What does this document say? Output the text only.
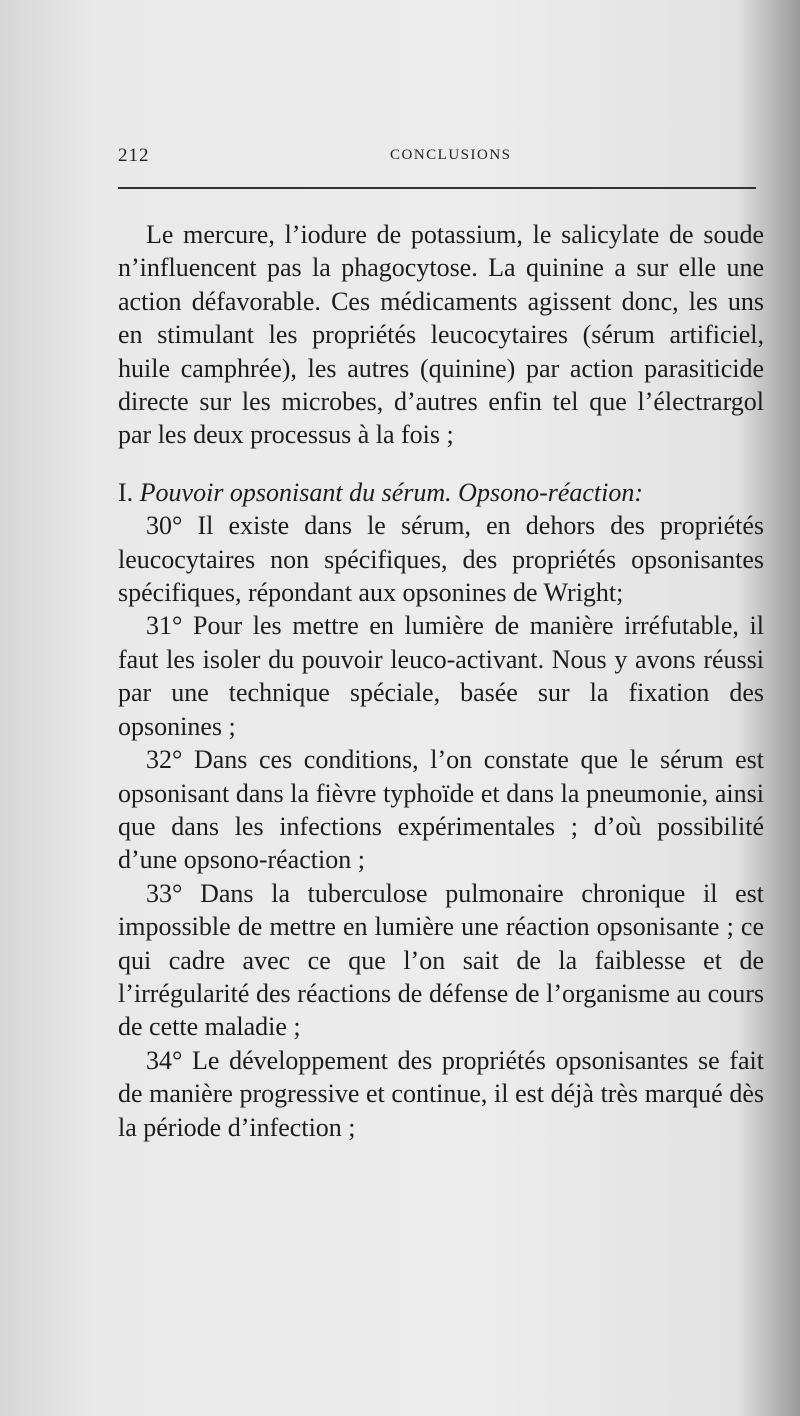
212	CONCLUSIONS

Le mercure, l’iodure de potassium, le salicylate de soude n’influencent pas la phagocytose. La quinine a sur elle une action défavorable. Ces médicaments agissent donc, les uns en stimulant les propriétés leucocytaires (sérum artificiel, huile camphrée), les autres (quinine) par action parasiticide directe sur les microbes, d’autres enfin tel que l’électrargol par les deux processus à la fois ;

I. Pouvoir opsonisant du sérum. Opsono-réaction:

30° Il existe dans le sérum, en dehors des propriétés leucocytaires non spécifiques, des propriétés opsonisantes spécifiques, répondant aux opsonines de Wright;

31° Pour les mettre en lumière de manière irréfutable, il faut les isoler du pouvoir leuco-activant. Nous y avons réussi par une technique spéciale, basée sur la fixation des opsonines ;

32° Dans ces conditions, l’on constate que le sérum est opsonisant dans la fièvre typhoïde et dans la pneumonie, ainsi que dans les infections expérimentales ; d’où possibilité d’une opsono-réaction ;

33° Dans la tuberculose pulmonaire chronique il est impossible de mettre en lumière une réaction opsonisante ; ce qui cadre avec ce que l’on sait de la faiblesse et de l’irrégularité des réactions de défense de l’organisme au cours de cette maladie ;

34° Le développement des propriétés opsonisantes se fait de manière progressive et continue, il est déjà très marqué dès la période d’infection ;
